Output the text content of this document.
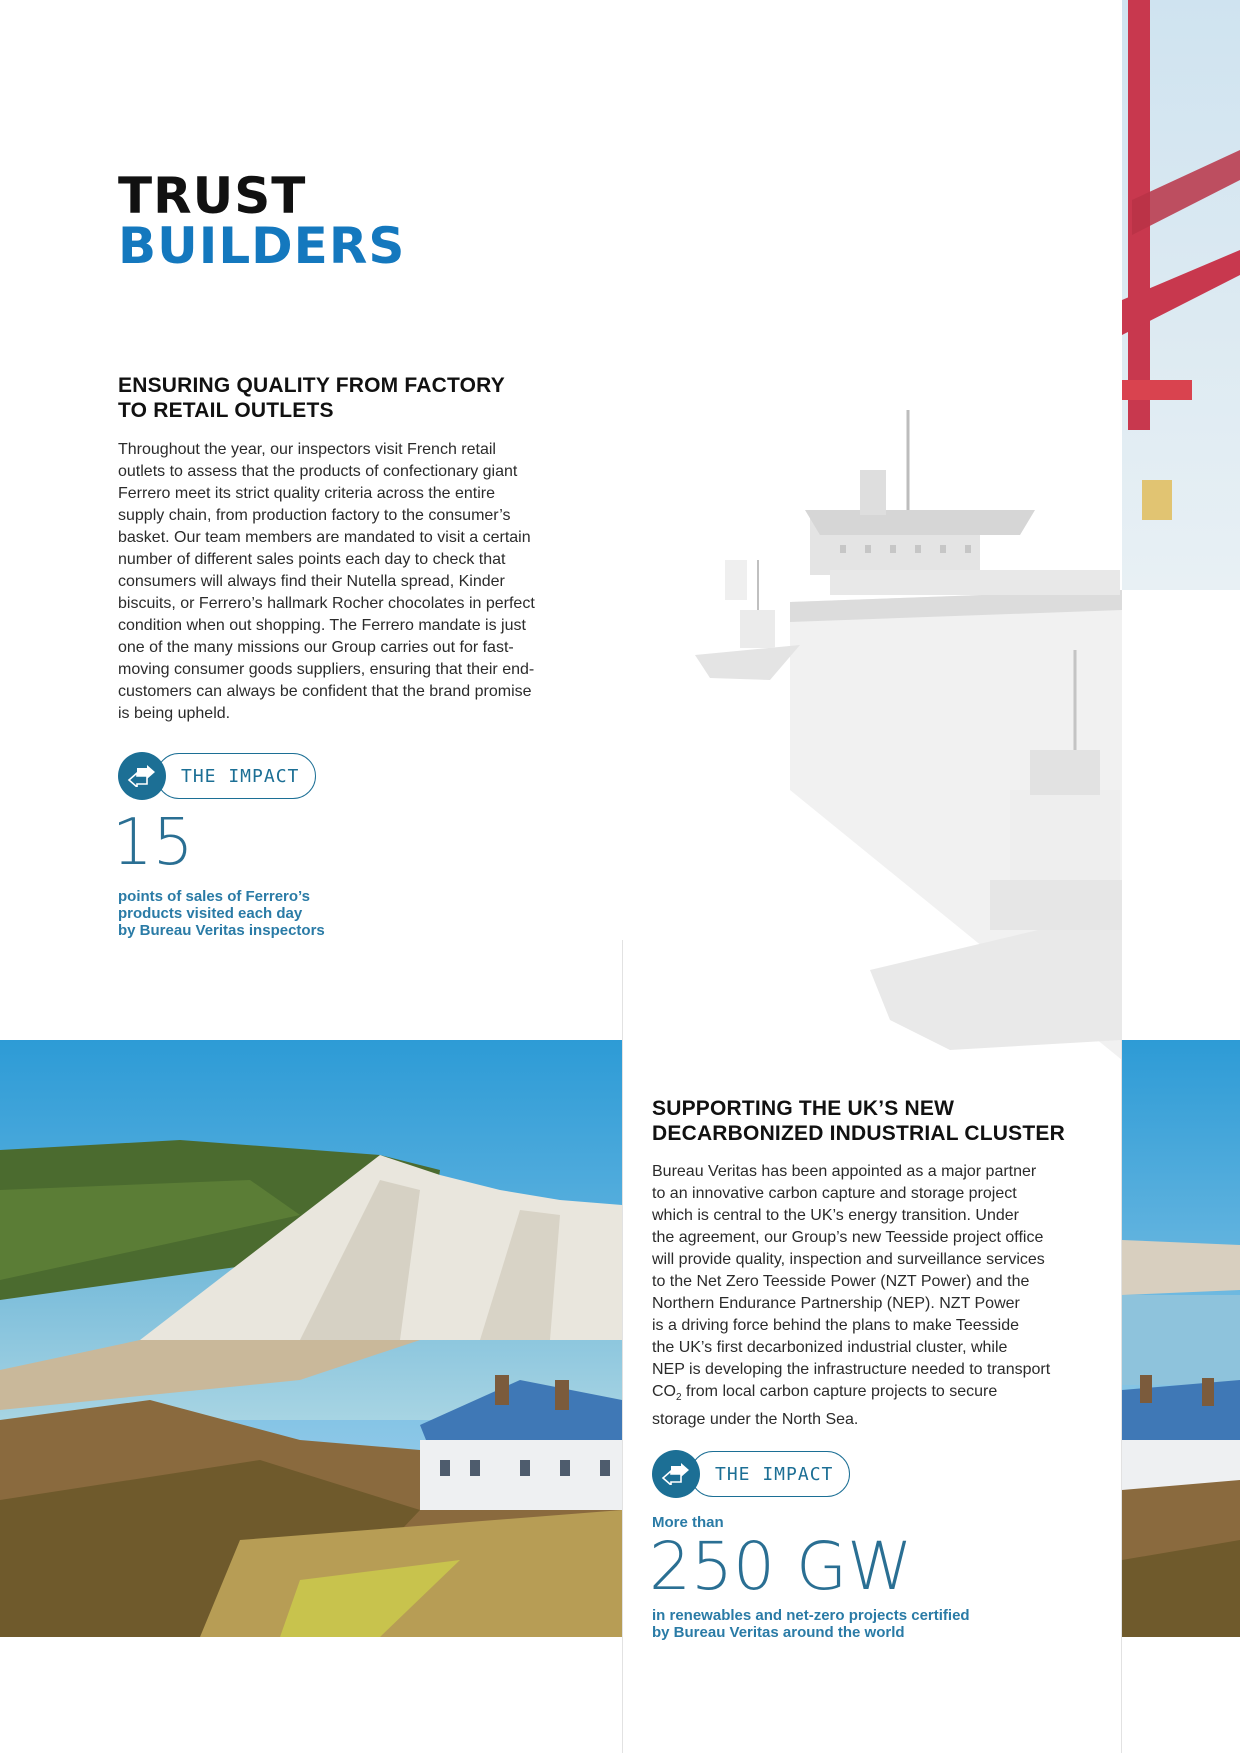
TRUST
BUILDERS
ENSURING QUALITY FROM FACTORY
TO RETAIL OUTLETS

Throughout the year, our inspectors visit French retail

outlets to assess that the products of confectionary giant

Ferrero meet its strict quality criteria across the entire

supply chain, from production factory to the consumer’s

basket. Our team members are mandated to visit a certain

number of different sales points each day to check that

consumers will always find their Nutella spread, Kinder

biscuits, or Ferrero’s hallmark Rocher chocolates in perfect

condition when out shopping. The Ferrero mandate is just

one of the many missions our Group carries out for fast-

moving consumer goods suppliers, ensuring that their end-

customers can always be confident that the brand promise

is being upheld.

THE IMPACT
15
points of sales of Ferrero’s
products visited each day
by Bureau Veritas inspectors
SUPPORTING THE UK’S NEW
DECARBONIZED INDUSTRIAL CLUSTER

Bureau Veritas has been appointed as a major partner

to an innovative carbon capture and storage project

which is central to the UK’s energy transition. Under

the agreement, our Group’s new Teesside project office

will provide quality, inspection and surveillance services

to the Net Zero Teesside Power (NZT Power) and the

Northern Endurance Partnership (NEP). NZT Power

is a driving force behind the plans to make Teesside

the UK’s first decarbonized industrial cluster, while

NEP is developing the infrastructure needed to transport

$CO_2$ from local carbon capture projects to secure

storage under the North Sea.

THE IMPACT
More than
250 GW
in renewables and net-zero projects certified
by Bureau Veritas around the world
